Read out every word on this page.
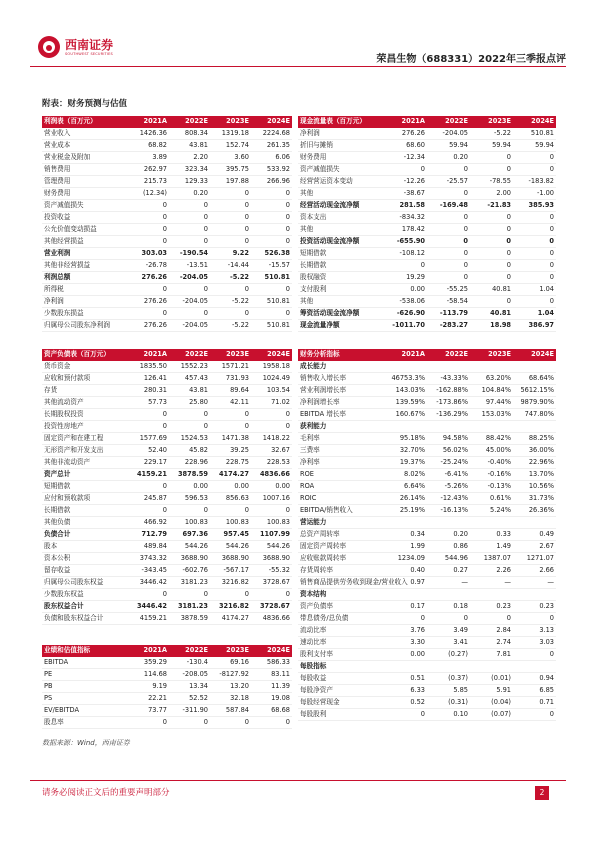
西南证券
SOUTHWEST SECURITIES
荣昌生物（688331）2022年三季报点评
附表：财务预测与估值
利润表（百万元）	2021A	2022E	2023E	2024E
营业收入	1426.36	808.34	1319.18	2224.68
营业成本	68.82	43.81	152.74	261.35
营业税金及附加	3.89	2.20	3.60	6.06
销售费用	262.97	323.34	395.75	533.92
管理费用	215.73	129.33	197.88	266.96
财务费用	(12.34)	0.20	0	0
资产减值损失	0	0	0	0
投资收益	0	0	0	0
公允价值变动损益	0	0	0	0
其他经营损益	0	0	0	0
营业利润	303.03	-190.54	9.22	526.38
其他非经营损益	-26.78	-13.51	-14.44	-15.57
利润总额	276.26	-204.05	-5.22	510.81
所得税	0	0	0	0
净利润	276.26	-204.05	-5.22	510.81
少数股东损益	0	0	0	0
归属母公司股东净利润	276.26	-204.05	-5.22	510.81
现金流量表（百万元）	2021A	2022E	2023E	2024E
净利润	276.26	-204.05	-5.22	510.81
折旧与摊销	68.60	59.94	59.94	59.94
财务费用	-12.34	0.20	0	0
资产减值损失	0	0	0	0
经营营运资本变动	-12.26	-25.57	-78.55	-183.82
其他	-38.67	0	2.00	-1.00
经营活动现金流净额	281.58	-169.48	-21.83	385.93
资本支出	-834.32	0	0	0
其他	178.42	0	0	0
投资活动现金流净额	-655.90	0	0	0
短期借款	-108.12	0	0	0
长期借款	0	0	0	0
股权融资	19.29	0	0	0
支付股利	0.00	-55.25	40.81	1.04
其他	-538.06	-58.54	0	0
筹资活动现金流净额	-626.90	-113.79	40.81	1.04
现金流量净额	-1011.70	-283.27	18.98	386.97
资产负债表（百万元）	2021A	2022E	2023E	2024E
货币资金	1835.50	1552.23	1571.21	1958.18
应收和预付款项	126.41	457.43	731.93	1024.49
存货	280.31	43.81	89.64	103.54
其他流动资产	57.73	25.80	42.11	71.02
长期股权投资	0	0	0	0
投资性房地产	0	0	0	0
固定资产和在建工程	1577.69	1524.53	1471.38	1418.22
无形资产和开发支出	52.40	45.82	39.25	32.67
其他非流动资产	229.17	228.96	228.75	228.53
资产总计	4159.21	3878.59	4174.27	4836.66
短期借款	0	0.00	0.00	0.00
应付和预收款项	245.87	596.53	856.63	1007.16
长期借款	0	0	0	0
其他负债	466.92	100.83	100.83	100.83
负债合计	712.79	697.36	957.45	1107.99
股本	489.84	544.26	544.26	544.26
资本公积	3743.32	3688.90	3688.90	3688.90
留存收益	-343.45	-602.76	-567.17	-55.32
归属母公司股东权益	3446.42	3181.23	3216.82	3728.67
少数股东权益	0	0	0	0
股东权益合计	3446.42	3181.23	3216.82	3728.67
负债和股东权益合计	4159.21	3878.59	4174.27	4836.66
财务分析指标	2021A	2022E	2023E	2024E
成长能力				
销售收入增长率	46753.3%	-43.33%	63.20%	68.64%
营业利润增长率	143.03%	-162.88%	104.84%	5612.15%
净利润增长率	139.59%	-173.86%	97.44%	9879.90%
EBITDA 增长率	160.67%	-136.29%	153.03%	747.80%
获利能力				
毛利率	95.18%	94.58%	88.42%	88.25%
三费率	32.70%	56.02%	45.00%	36.00%
净利率	19.37%	-25.24%	-0.40%	22.96%
ROE	8.02%	-6.41%	-0.16%	13.70%
ROA	6.64%	-5.26%	-0.13%	10.56%
ROIC	26.14%	-12.43%	0.61%	31.73%
EBITDA/销售收入	25.19%	-16.13%	5.24%	26.36%
营运能力				
总资产周转率	0.34	0.20	0.33	0.49
固定资产周转率	1.99	0.86	1.49	2.67
应收账款周转率	1234.09	544.96	1387.07	1271.07
存货周转率	0.40	0.27	2.26	2.66
销售商品提供劳务收到现金/营业收入	0.97	—	—	—
资本结构				
资产负债率	0.17	0.18	0.23	0.23
带息债务/总负债	0	0	0	0
流动比率	3.76	3.49	2.84	3.13
速动比率	3.30	3.41	2.74	3.03
股利支付率	0.00	(0.27)	7.81	0
每股指标				
每股收益	0.51	(0.37)	(0.01)	0.94
每股净资产	6.33	5.85	5.91	6.85
每股经营现金	0.52	(0.31)	(0.04)	0.71
每股股利	0	0.10	(0.07)	0
业绩和估值指标	2021A	2022E	2023E	2024E
EBITDA	359.29	-130.4	69.16	586.33
PE	114.68	-208.05	-8127.92	83.11
PB	9.19	13.34	13.20	11.39
PS	22.21	52.52	32.18	19.08
EV/EBITDA	73.77	-311.90	587.84	68.68
股息率	0	0	0	0
数据来源：Wind，西南证券
请务必阅读正文后的重要声明部分	2
